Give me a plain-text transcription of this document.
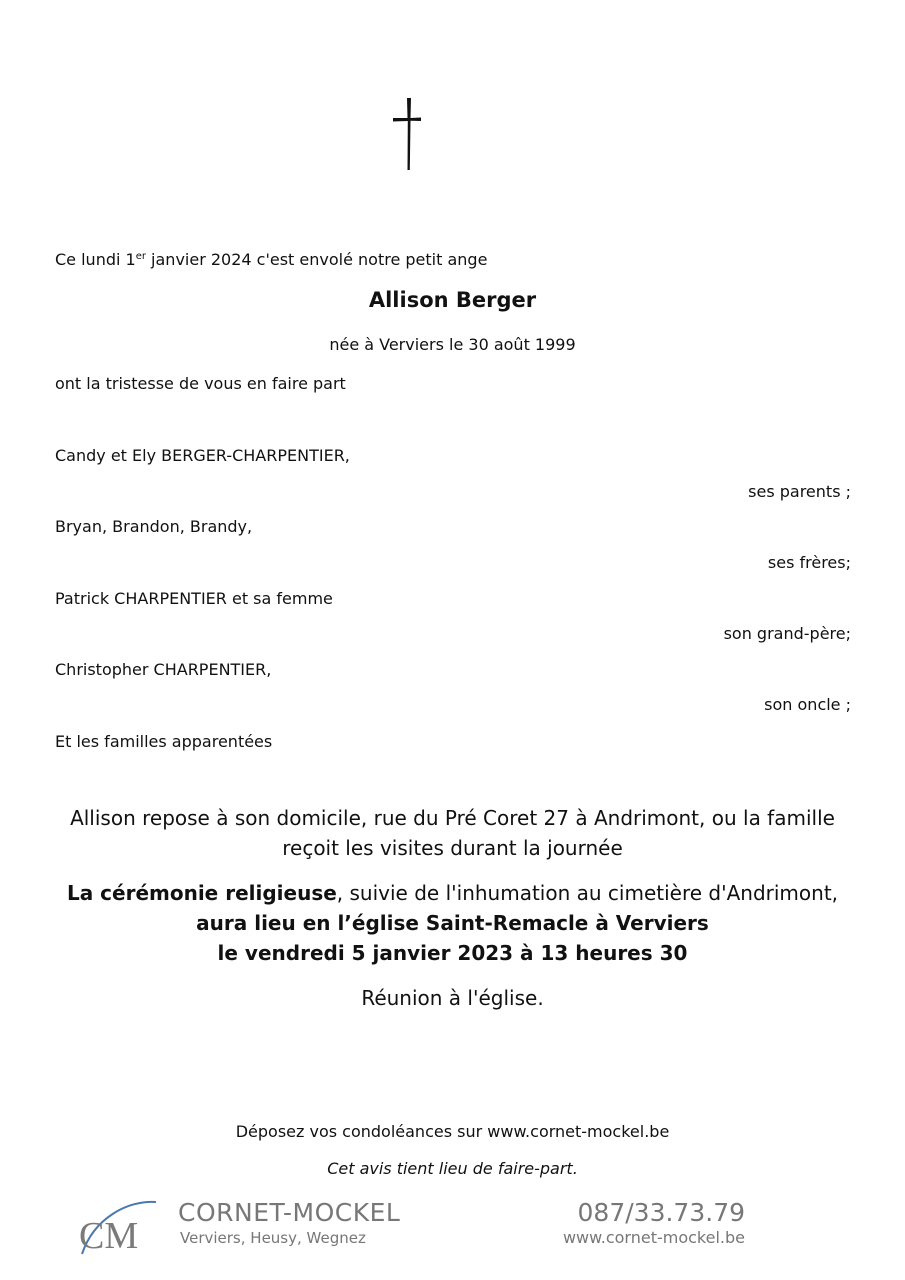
Ce lundi 1er janvier 2024 c'est envolé notre petit ange
Allison Berger
née à Verviers le 30 août 1999
ont la tristesse de vous en faire part
Candy et Ely BERGER-CHARPENTIER,
ses parents ;
Bryan, Brandon, Brandy,
ses frères;
Patrick CHARPENTIER et sa femme
son grand-père;
Christopher CHARPENTIER,
son oncle ;
Et les familles apparentées
Allison repose à son domicile, rue du Pré Coret 27 à Andrimont, ou la famille
reçoit les visites durant la journée
La cérémonie religieuse, suivie de l'inhumation au cimetière d'Andrimont,
aura lieu en l’église Saint-Remacle à Verviers
le vendredi 5 janvier 2023 à 13 heures 30
Réunion à l'église.
Déposez vos condoléances sur www.cornet-mockel.be
Cet avis tient lieu de faire-part.
CM
CORNET-MOCKEL
Verviers, Heusy, Wegnez
087/33.73.79
www.cornet-mockel.be
